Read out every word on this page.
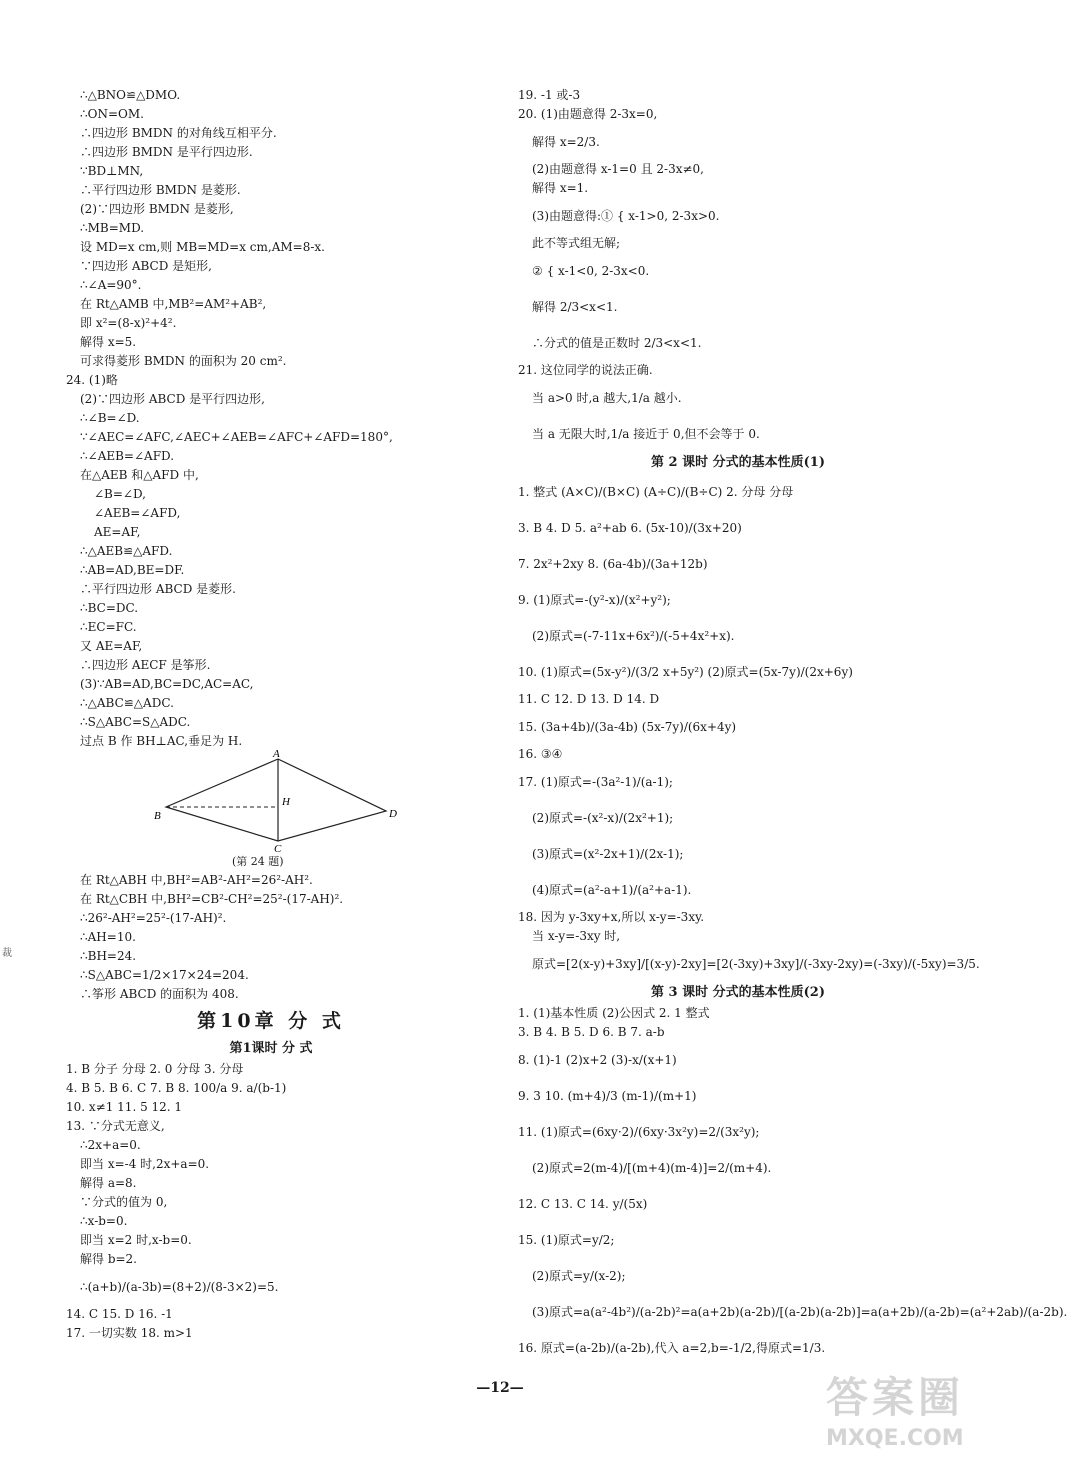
∴△BNO≌△DMO.
∴ON=OM.
∴四边形 BMDN 的对角线互相平分.
∴四边形 BMDN 是平行四边形.
∵BD⊥MN,
∴平行四边形 BMDN 是菱形.
(2)∵四边形 BMDN 是菱形,
∴MB=MD.
设 MD=x cm,则 MB=MD=x cm,AM=8-x.
∵四边形 ABCD 是矩形,
∴∠A=90°.
在 Rt△AMB 中,MB²=AM²+AB²,
即 x²=(8-x)²+4².
解得 x=5.
可求得菱形 BMDN 的面积为 20 cm².
24. (1)略
(2)∵四边形 ABCD 是平行四边形,
∴∠B=∠D.
∵∠AEC=∠AFC,∠AEC+∠AEB=∠AFC+∠AFD=180°,
∴∠AEB=∠AFD.
在△AEB 和△AFD 中,
∠B=∠D,
∠AEB=∠AFD,
AE=AF,
∴△AEB≌△AFD.
∴AB=AD,BE=DF.
∴平行四边形 ABCD 是菱形.
∴BC=DC.
∴EC=FC.
又 AE=AF,
∴四边形 AECF 是筝形.
(3)∵AB=AD,BC=DC,AC=AC,
∴△ABC≌△ADC.
∴S△ABC=S△ADC.
过点 B 作 BH⊥AC,垂足为 H.
A
B
C
D
H
(第 24 题)
在 Rt△ABH 中,BH²=AB²-AH²=26²-AH².
在 Rt△CBH 中,BH²=CB²-CH²=25²-(17-AH)².
∴26²-AH²=25²-(17-AH)².
∴AH=10.
∴BH=24.
∴S△ABC=1/2×17×24=204.
∴筝形 ABCD 的面积为 408.
第10章 分 式
第1课时 分 式
1. B 分子 分母 2. 0 分母 3. 分母
4. B 5. B 6. C 7. B 8. 100/a 9. a/(b-1)
10. x≠1 11. 5 12. 1
13. ∵分式无意义,
∴2x+a=0.
即当 x=-4 时,2x+a=0.
解得 a=8.
∵分式的值为 0,
∴x-b=0.
即当 x=2 时,x-b=0.
解得 b=2.
∴(a+b)/(a-3b)=(8+2)/(8-3×2)=5.
14. C 15. D 16. -1
17. 一切实数 18. m>1
19. -1 或-3
20. (1)由题意得 2-3x=0,
解得 x=2/3.
(2)由题意得 x-1=0 且 2-3x≠0,
解得 x=1.
(3)由题意得:① { x-1>0, 2-3x>0.
此不等式组无解;
② { x-1<0, 2-3x<0.
解得 2/3<x<1.
∴分式的值是正数时 2/3<x<1.
21. 这位同学的说法正确.
当 a>0 时,a 越大,1/a 越小.
当 a 无限大时,1/a 接近于 0,但不会等于 0.
第 2 课时 分式的基本性质(1)
1. 整式 (A×C)/(B×C) (A÷C)/(B÷C) 2. 分母 分母
3. B 4. D 5. a²+ab 6. (5x-10)/(3x+20)
7. 2x²+2xy 8. (6a-4b)/(3a+12b)
9. (1)原式=-(y²-x)/(x²+y²);
(2)原式=(-7-11x+6x²)/(-5+4x²+x).
10. (1)原式=(5x-y²)/(3/2 x+5y²) (2)原式=(5x-7y)/(2x+6y)
11. C 12. D 13. D 14. D
15. (3a+4b)/(3a-4b) (5x-7y)/(6x+4y)
16. ③④
17. (1)原式=-(3a²-1)/(a-1);
(2)原式=-(x²-x)/(2x²+1);
(3)原式=(x²-2x+1)/(2x-1);
(4)原式=(a²-a+1)/(a²+a-1).
18. 因为 y-3xy+x,所以 x-y=-3xy.
当 x-y=-3xy 时,
原式=[2(x-y)+3xy]/[(x-y)-2xy]=[2(-3xy)+3xy]/(-3xy-2xy)=(-3xy)/(-5xy)=3/5.
第 3 课时 分式的基本性质(2)
1. (1)基本性质 (2)公因式 2. 1 整式
3. B 4. B 5. D 6. B 7. a-b
8. (1)-1 (2)x+2 (3)-x/(x+1)
9. 3 10. (m+4)/3 (m-1)/(m+1)
11. (1)原式=(6xy·2)/(6xy·3x²y)=2/(3x²y);
(2)原式=2(m-4)/[(m+4)(m-4)]=2/(m+4).
12. C 13. C 14. y/(5x)
15. (1)原式=y/2;
(2)原式=y/(x-2);
(3)原式=a(a²-4b²)/(a-2b)²=a(a+2b)(a-2b)/[(a-2b)(a-2b)]=a(a+2b)/(a-2b)=(a²+2ab)/(a-2b).
16. 原式=(a-2b)/(a-2b),代入 a=2,b=-1/2,得原式=1/3.
裁
—12—	答案圈
MXQE.COM
